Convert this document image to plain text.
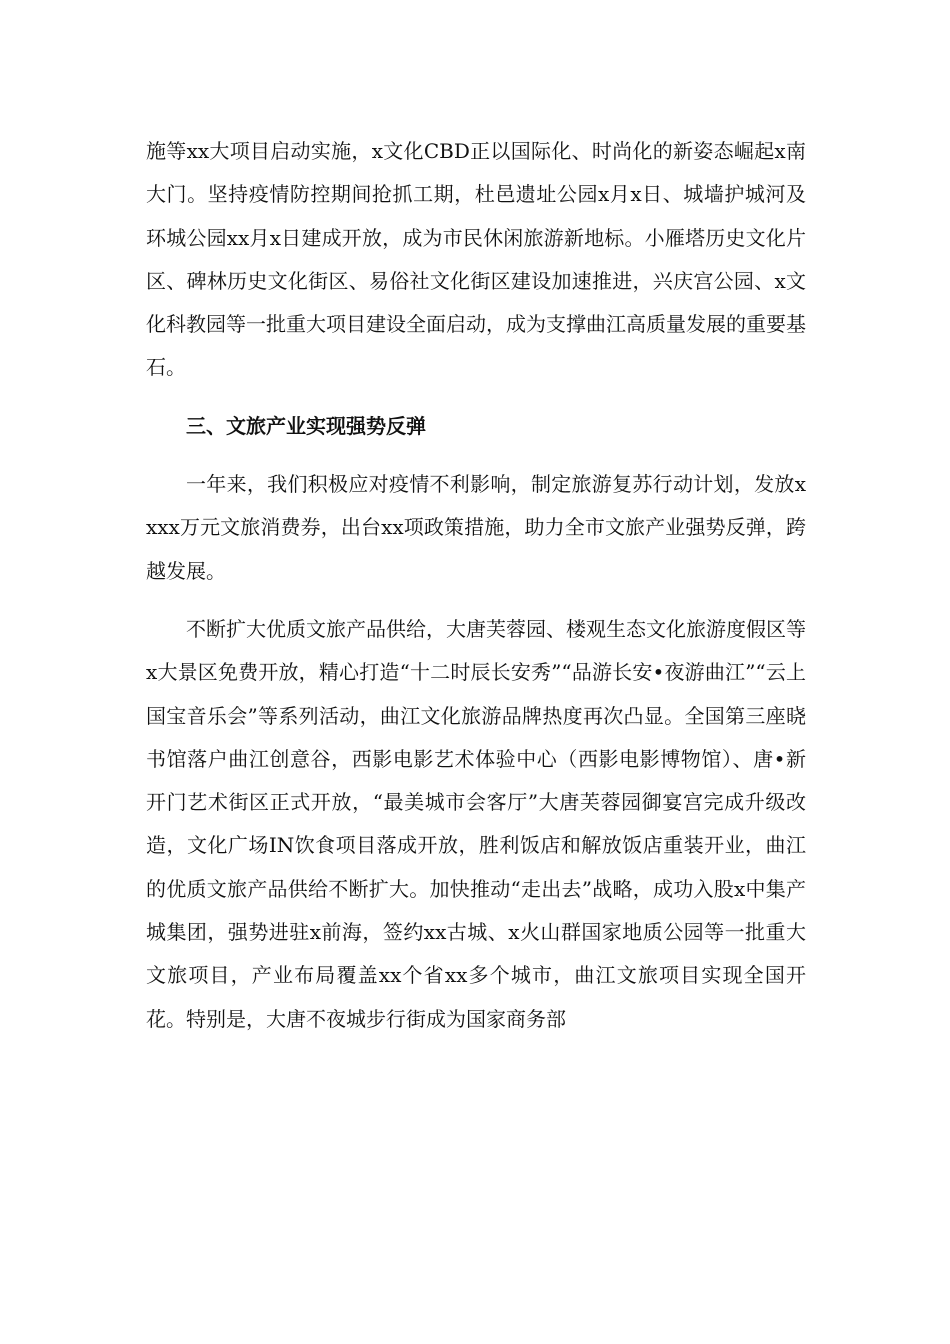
施等xx大项目启动实施，x文化CBD正以国际化、时尚化的新姿态崛起x南大门。坚持疫情防控期间抢抓工期，杜邑遗址公园x月x日、城墙护城河及环城公园xx月x日建成开放，成为市民休闲旅游新地标。小雁塔历史文化片区、碑林历史文化街区、易俗社文化街区建设加速推进，兴庆宫公园、x文化科教园等一批重大项目建设全面启动，成为支撑曲江高质量发展的重要基石。

三、文旅产业实现强势反弹

一年来，我们积极应对疫情不利影响，制定旅游复苏行动计划，发放xxxx万元文旅消费券，出台xx项政策措施，助力全市文旅产业强势反弹，跨越发展。

不断扩大优质文旅产品供给，大唐芙蓉园、楼观生态文化旅游度假区等x大景区免费开放，精心打造“十二时辰长安秀”“品游长安•夜游曲江”“云上国宝音乐会”等系列活动，曲江文化旅游品牌热度再次凸显。全国第三座晓书馆落户曲江创意谷，西影电影艺术体验中心（西影电影博物馆）、唐•新开门艺术街区正式开放，“最美城市会客厅”大唐芙蓉园御宴宫完成升级改造，文化广场IN饮食项目落成开放，胜利饭店和解放饭店重装开业，曲江的优质文旅产品供给不断扩大。加快推动“走出去”战略，成功入股x中集产城集团，强势进驻x前海，签约xx古城、x火山群国家地质公园等一批重大文旅项目，产业布局覆盖xx个省xx多个城市，曲江文旅项目实现全国开花。特别是，大唐不夜城步行街成为国家商务部
